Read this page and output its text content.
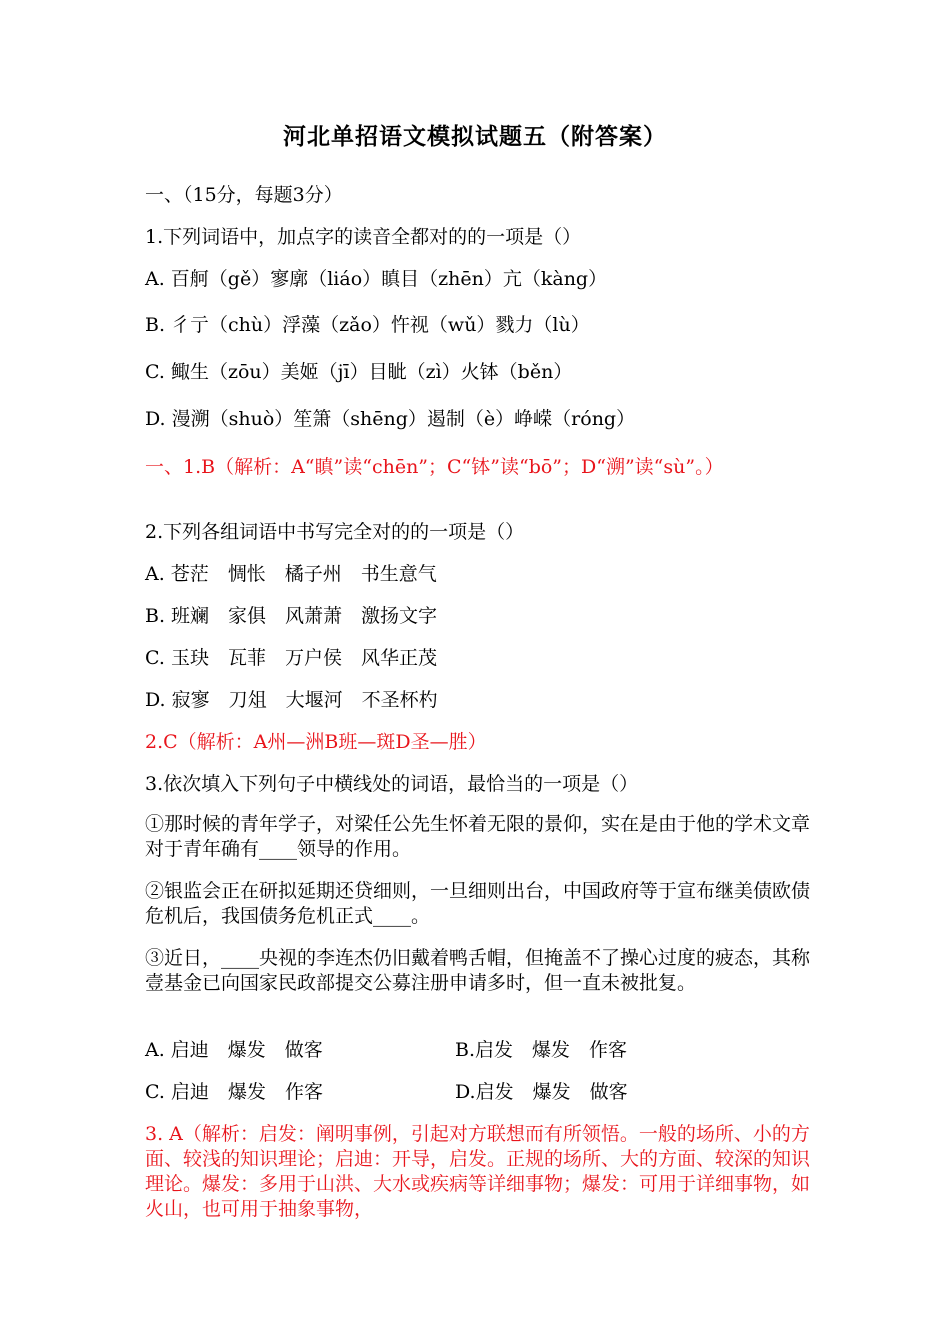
河北单招语文模拟试题五（附答案）
一、（15分，每题3分）
1.下列词语中，加点字的读音全都对的的一项是（）
A. 百舸（gě）寥廓（liáo）瞋目（zhēn）亢（kàng）
B. 彳亍（chù）浮藻（zǎo）忤视（wǔ）戮力（lù）
C. 鲰生（zōu）美姬（jī）目眦（zì）火钵（běn）
D. 漫溯（shuò）笙箫（shēng）遏制（è）峥嵘（róng）
一、1.B（解析：A“瞋”读“chēn”；C“钵”读“bō”；D“溯”读“sù”。）
2.下列各组词语中书写完全对的的一项是（）
A. 苍茫　惆怅　橘子州　书生意气
B. 班斓　家俱　风萧萧　激扬文字
C. 玉玦　瓦菲　万户侯　风华正茂
D. 寂寥　刀俎　大堰河　不圣杯杓
2.C（解析：A州—洲B班—斑D圣—胜）
3.依次填入下列句子中横线处的词语，最恰当的一项是（）
①那时候的青年学子，对梁任公先生怀着无限的景仰，实在是由于他的学术文章对于青年确有____领导的作用。
②银监会正在研拟延期还贷细则，一旦细则出台，中国政府等于宣布继美债欧债危机后，我国债务危机正式____。
③近日，____央视的李连杰仍旧戴着鸭舌帽，但掩盖不了操心过度的疲态，其称壹基金已向国家民政部提交公募注册申请多时，但一直未被批复。
A. 启迪　爆发　做客	B.启发　爆发　作客
C. 启迪　爆发　作客	D.启发　爆发　做客
3. A（解析：启发：阐明事例，引起对方联想而有所领悟。一般的场所、小的方面、较浅的知识理论；启迪：开导，启发。正规的场所、大的方面、较深的知识理论。爆发：多用于山洪、大水或疾病等详细事物；爆发：可用于详细事物，如火山，也可用于抽象事物，
